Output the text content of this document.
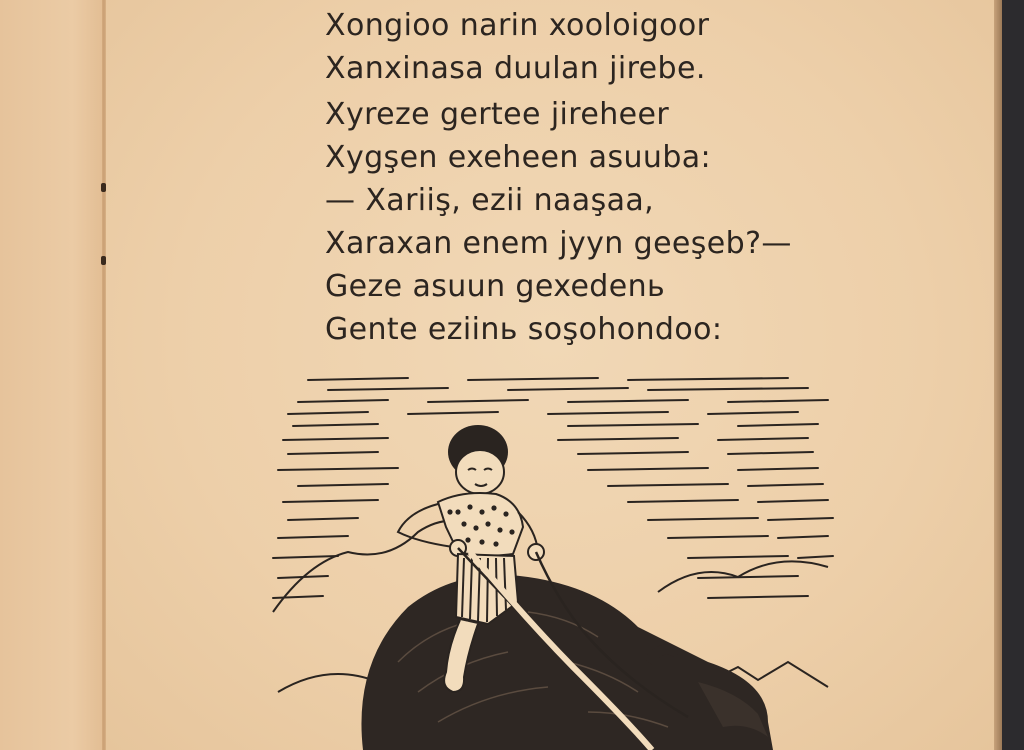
Xongioo narin xooloigoor
Xanxinasa duulan jirebe.
Xyreze gertee jireheer
Xygşen exeheen asuuba:
— Xariiş, ezii naaşaa,
Xaraxan enem jyyn geeşeb?—
Geze asuun gexedenь
Gente eziinь soşohondoo:
